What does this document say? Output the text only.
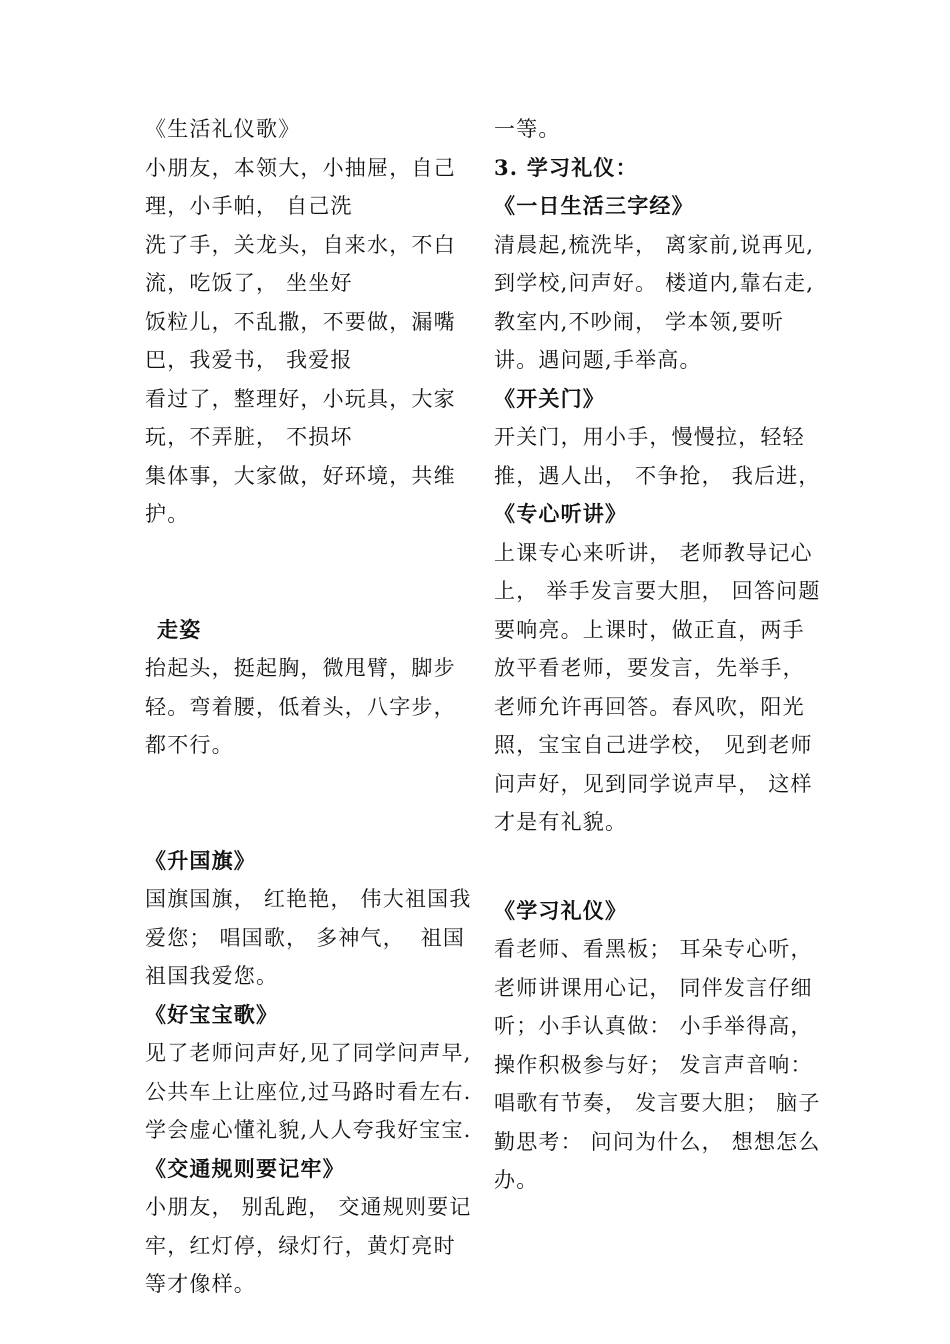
《生活礼仪歌》

小朋友，本领大，小抽屉，自己理，小手帕， 自己洗

洗了手，关龙头，自来水，不白流，吃饭了， 坐坐好

饭粒儿，不乱撒，不要做，漏嘴巴，我爱书， 我爱报

看过了，整理好，小玩具，大家玩，不弄脏， 不损坏

集体事，大家做，好环境，共维护。

走姿

抬起头，挺起胸，微甩臂，脚步轻。弯着腰，低着头，八字步，都不行。

《升国旗》

国旗国旗， 红艳艳， 伟大祖国我爱您； 唱国歌， 多神气，  祖国祖国我爱您。

《好宝宝歌》

见了老师问声好,见了同学问声早,公共车上让座位,过马路时看左右.学会虚心懂礼貌,人人夸我好宝宝.

《交通规则要记牢》

小朋友， 别乱跑， 交通规则要记牢，红灯停，绿灯行，黄灯亮时等才像样。

一等。

3. 学习礼仪：
《一日生活三字经》

清晨起,梳洗毕， 离家前,说再见,到学校,问声好。 楼道内,靠右走,教室内,不吵闹， 学本领,要听讲。遇问题,手举高。

《开关门》

开关门，用小手，慢慢拉，轻轻推，遇人出， 不争抢， 我后进， 《专心听讲》

上课专心来听讲， 老师教导记心上， 举手发言要大胆， 回答问题要响亮。上课时，做正直，两手放平看老师，要发言，先举手，老师允许再回答。春风吹，阳光照，宝宝自己进学校， 见到老师问声好，见到同学说声早， 这样才是有礼貌。

《学习礼仪》

看老师、看黑板； 耳朵专心听，老师讲课用心记， 同伴发言仔细听；小手认真做： 小手举得高， 操作积极参与好； 发言声音响： 唱歌有节奏， 发言要大胆； 脑子勤思考： 问问为什么， 想想怎么办。
